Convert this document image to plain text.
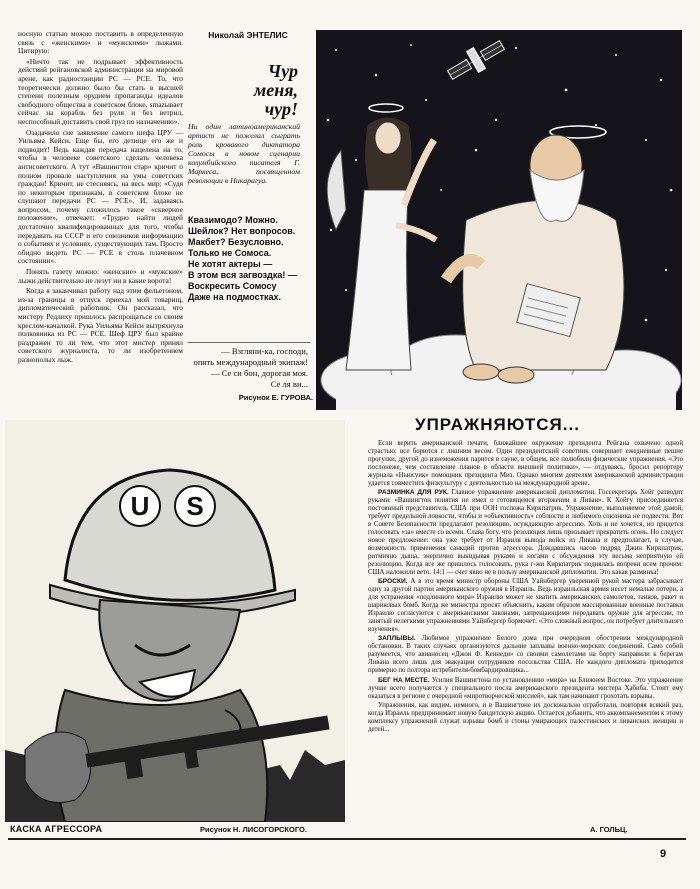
носную статью можно поставить в определенную связь с «женскими» и «мужскими» лыжами. Цитирую:

«Ничто так не подрывает эффективность действий рейгановской администрации на мировой арене, как радиостанции РС — РСЕ. То, что теоретически должно было бы стать в высшей степени полезным орудием пропаганды идеалов свободного общества в советском блоке, smazывает сейчас на корабль без руля и без ветрил, неспособный доставить свой груз по назначению».

Озадачило сие заявление самого шефа ЦРУ — Уильяма Кейси. Еще бы, его детище его же и подводит! Ведь каждая передача нацелена на то, чтобы в человеке советского сделать человека антисоветского. А тут «Вашингтон стар» кричит о полном провале наступления на умы советских граждан! Кричит, не стесняясь, на весь мир: «Судя по некоторым признакам, в советском блоке не слушают передачи РС — РСЕ». И, задаваясь вопросом, почему сложилось такое «скверное положение», отвечает: «Трудно найти людей достаточно квалифицированных для того, чтобы передавать на СССР и его союзников информацию о событиях и условиях, существующих там. Просто обидно видеть РС — РСЕ в столь плачевном состоянии».

Понять газету можно: «женские» и «мужские» лыжи действительно не лезут ни в какие ворота!

Когда я заканчивал работу над этим фельетоном, из-за границы в отпуск приехал мой товарищ, дипломатический работник. Он рассказал, что мистеру Редлиху пришлось распрощаться со своим креслом-качалкой. Рука Уильяма Кейси вытряхнула полковника из РС — РСЕ. Шеф ЦРУ был крайне раздражен то ли тем, что этот мистер принял советского журналиста, то ли изобретением разнополых лыж.

Николай ЭНТЕЛИС
Чур
меня,
чур!
Ни один латиноамериканский артист не пожелал сыграть роль кровавого диктатора Сомосы в новом сценарии колумбийского писателя Г. Маркеса, посвященном революции в Никарагуа.
Квазимодо? Можно.
Шейлок? Нет вопросов.
Макбет? Безусловно.
Только не Сомоса.
Не хотят актеры —
В этом вся загвоздка! —
Воскресить Сомосу
Даже на подмостках.
— Взгляни-ка, господи,
опять международный экипаж!
— Се си бон, дорогая моя.
Се ля ви...
Рисунок Е. ГУРОВА.
U S
КАСКА АГРЕССОРА	Рисунок Н. ЛИСОГОРСКОГО.
УПРАЖНЯЮТСЯ...

Если верить американской печати, ближайшее окружение президента Рейгана охвачено одной страстью: все борются с лишним весом. Один президентский советник совершает ежедневные пешие прогулки, другой до изнеможения парится в сауне, в общем, все полюбили физические упражнения. «Это послонеже, чем составление планов в области внешней политики», — отдуваясь, бросил репортеру журнала «Ньюсуик» помощник президента Миз. Однако многим деятелям американской администрации удается совместить физкультуру с деятельностью на международной арене.

РАЗМИНКА ДЛЯ РУК. Главное упражнение американской дипломатии. Госсекретарь Хейг разводит руками: «Вашингтон понятия не имел о готовящемся вторжении в Ливан». К Хейгу присоединяется постоянный представитель США при ООН госпожа Киркпатрик. Упражнение, выполняемое этой дамой, требует предельной ловкости, чтобы и «объективность» соблюсти и любимого союзника не подвести. Вот в Совете Безопасности предлагают резолюцию, осуждающую агрессию. Хоть и не хочется, но придется голосовать «за» вместе со всеми. Слава богу, что резолюция лишь призывает прекратить огонь. Но следует новое предложение: она уже требует от Израиля вывода войск из Ливана и предполагает, в случае, возможность применения санкций против агрессора. Дождавшись часов подряд Джин Киркпатрик, ритмично дыша, энергично выкидывая руками и ногами с обсуждения эту весьма неприятную ей резолюцию. Когда все же пришлось голосовать, рука г-жи Киркпатрик поднялась вопреки всем прочим: США наложили вето. 14:1 — счет явно не в пользу американской дипломатии. Это какая разминка!

БРОСКИ. А в это время министр обороны США Уайнбергер уверенной рукой мастера забрасывает одну за другой партии американского оружия в Израиль. Ведь израильская армия несет немалые потери, а для устранения «подлинного мира» Израилю может не хватить американских самолетов, танков, ракет и шариковых бомб. Когда же министра просят объяснить, каким образом массированные военные поставки Израилю согласуются с американскими законами, запрещающими передавать оружие для агрессии, то занятый нелегкими упражнениями Уайнбергер бормочет: «Это сложный вопрос, он потребует длительного изучения».

ЗАПЛЫВЫ. Любимое упражнение Белого дома при очередном обострении международной обстановки. В таких случаях организуются дальние заплывы военно-морских соединений. Само собой разумеется, что авианосец «Джон Ф. Кеннеди» со своими самолетами на борту направили к берегам Ливана всего лишь для эвакуации сотрудников посольства США. Не каждого дипломата приходится примерно по полтора истребителя-бомбардировщика...

БЕГ НА МЕСТЕ. Усилия Вашингтона по установлению «мира» на Ближнем Востоке. Это упражнение лучше всего получается у специального посла американского президента мистера Хабиба. Стоит ему оказаться в регионе с очередной «миротворческой миссией», как там начинают грохотать взрывы.

Упражнения, как видим, немного, и в Вашингтоне их досконально отработали, повторяя всякий раз, когда Израиль предпринимает новую бандитскую акцию. Остается добавить, что аккомпанементом к этому комплексу упражнений служат взрывы бомб и стоны умирающих палестинских и ливанских женщин и детей...

А. ГОЛЬЦ.
9
